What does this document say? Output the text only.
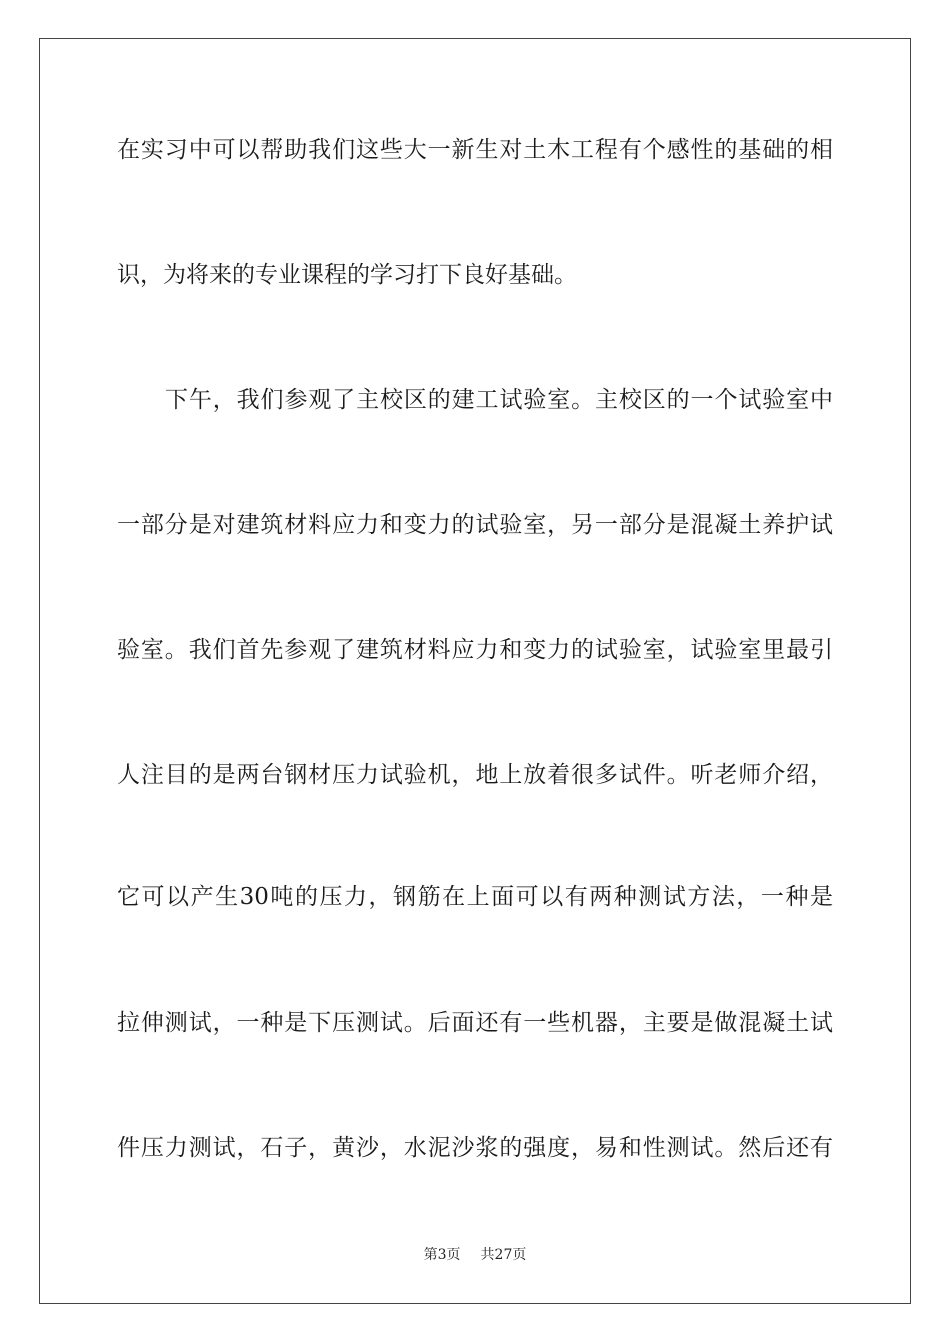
在实习中可以帮助我们这些大一新生对土木工程有个感性的基础的相
识，为将来的专业课程的学习打下良好基础。
下午，我们参观了主校区的建工试验室。主校区的一个试验室中
一部分是对建筑材料应力和变力的试验室，另一部分是混凝土养护试
验室。我们首先参观了建筑材料应力和变力的试验室，试验室里最引
人注目的是两台钢材压力试验机，地上放着很多试件。听老师介绍，
它可以产生30吨的压力，钢筋在上面可以有两种测试方法，一种是
拉伸测试，一种是下压测试。后面还有一些机器，主要是做混凝土试
件压力测试，石子，黄沙，水泥沙浆的强度，易和性测试。然后还有
第3页 共27页
